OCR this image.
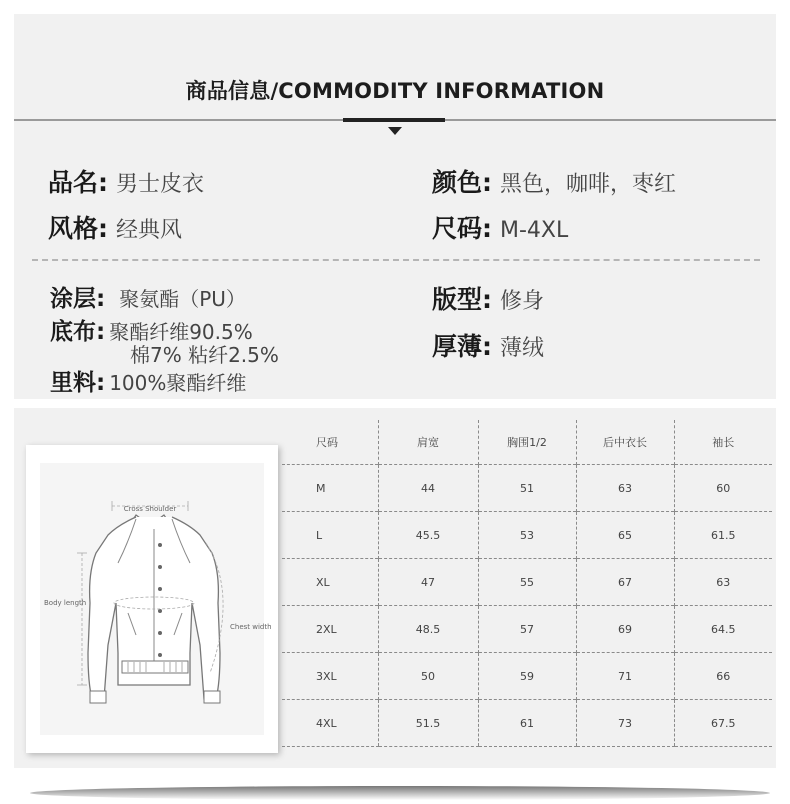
商品信息/COMMODITY INFORMATION
品名: 男士皮衣	颜色: 黑色，咖啡，枣红
风格: 经典风	尺码: M-4XL
涂层: 聚氨酯（PU）	版型: 修身
底布: 聚酯纤维90.5%
棉7% 粘纤2.5%	厚薄: 薄绒
里料: 100%聚酯纤维
Cross Shoulder
Chest width
Body length
尺码	肩宽	胸围1/2	后中衣长	袖长
M	44	51	63	60
L	45.5	53	65	61.5
XL	47	55	67	63
2XL	48.5	57	69	64.5
3XL	50	59	71	66
4XL	51.5	61	73	67.5
